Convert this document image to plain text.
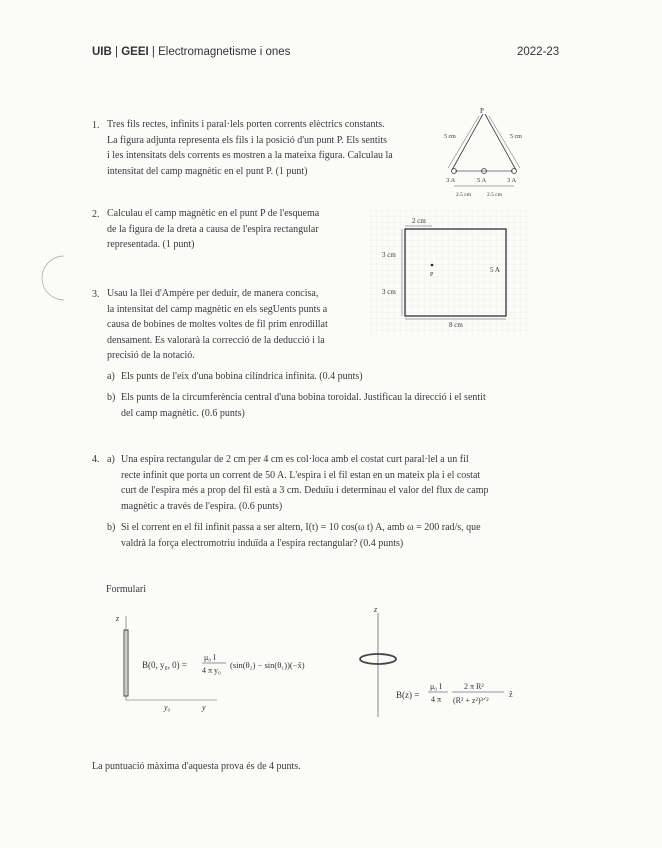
UIB | GEEI | Electromagnetisme i ones	2022-23
1. Tres fils rectes, infinits i paral·lels porten corrents elèctrics constants.
La figura adjunta representa els fils i la posició d'un punt P. Els sentits
i les intensitats dels corrents es mostren a la mateixa figura. Calculau la
intensitat del camp magnètic en el punt P. (1 punt)
P
5 cm	5 cm
3 A	5 A	3 A
2.5 cm	2.5 cm
2. Calculau el camp magnètic en el punt P de l'esquema
de la figura de la dreta a causa de l'espira rectangular
representada. (1 punt)
2 cm
3 cm
3 cm
8 cm
5 A
P
3. Usau la llei d'Ampère per deduir, de manera concisa,
la intensitat del camp magnètic en els segUents punts a
causa de bobines de moltes voltes de fil prim enrodillat
densament. Es valorarà la correcció de la deducció i la
precisió de la notació.
a) Els punts de l'eix d'una bobina cilíndrica infinita. (0.4 punts)
b) Els punts de la circumferència central d'una bobina toroidal. Justificau la direcció i el sentit
del camp magnètic. (0.6 punts)
4. a) Una espira rectangular de 2 cm per 4 cm es col·loca amb el costat curt paral·lel a un fil
recte infinit que porta un corrent de 50 A. L'espira i el fil estan en un mateix pla i el costat
curt de l'espira més a prop del fil està a 3 cm. Deduïu i determinau el valor del flux de camp
magnètic a través de l'espira. (0.6 punts)
b) Si el corrent en el fil infinit passa a ser altern, I(t) = 10 cos(ω t) A, amb ω = 200 rad/s, que
valdrà la força electromotriu induïda a l'espira rectangular? (0.4 punts)
Formulari
z
y₀	y
B(0, y₀, 0) =
μ₀ I
4 π y₀
(sin(θ₂) − sin(θ₁))(−x̂)
z
B(z) =
μ₀ I
4 π
2 π R²
(R² + z²)³ᐟ²
ẑ
La puntuació màxima d'aquesta prova és de 4 punts.
